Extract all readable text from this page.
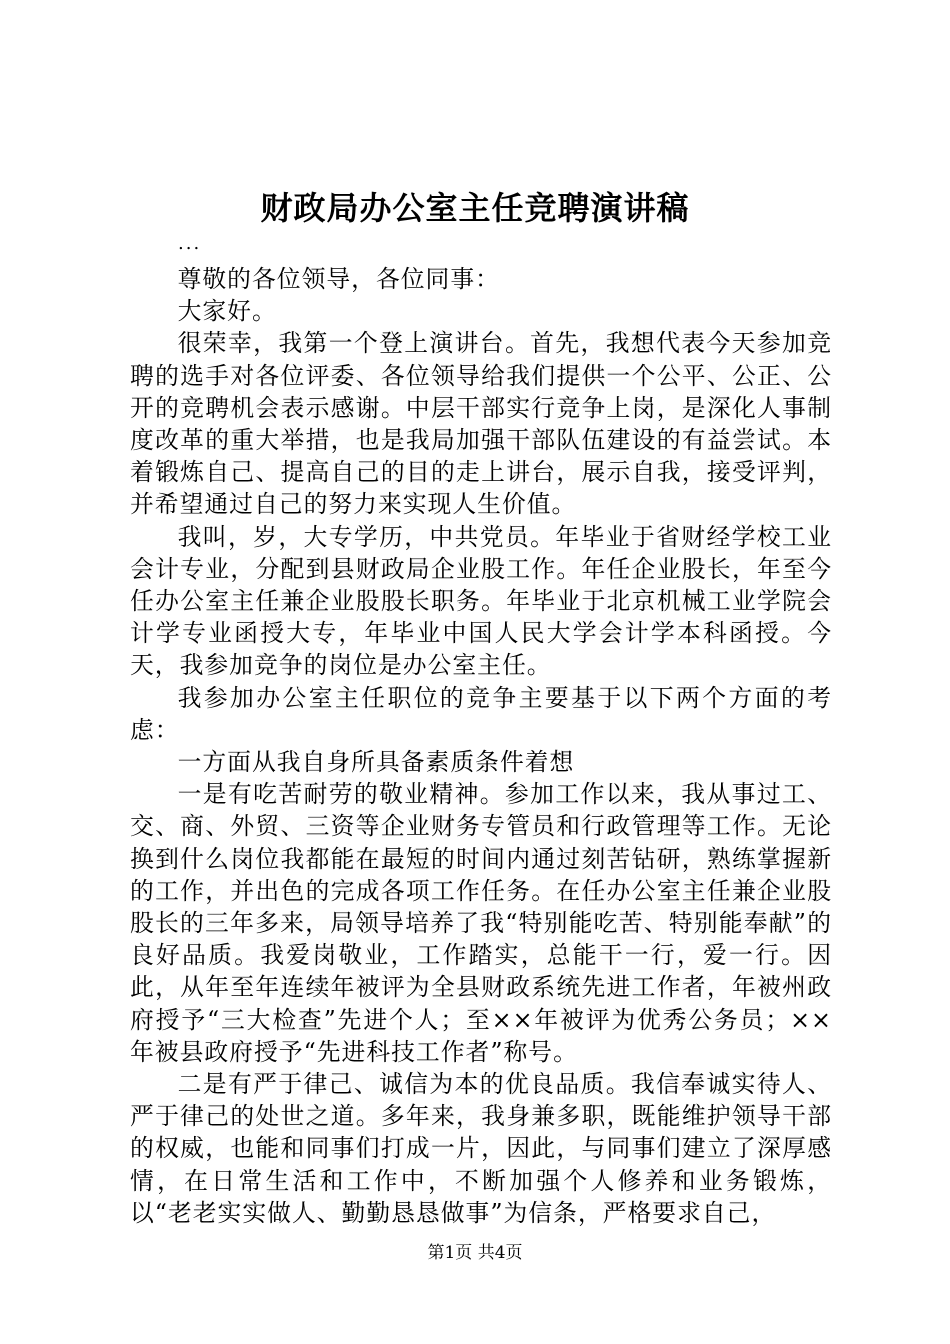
财政局办公室主任竞聘演讲稿
...

尊敬的各位领导，各位同事：

大家好。

很荣幸，我第一个登上演讲台。首先，我想代表今天参加竞聘的选手对各位评委、各位领导给我们提供一个公平、公正、公开的竞聘机会表示感谢。中层干部实行竞争上岗，是深化人事制度改革的重大举措，也是我局加强干部队伍建设的有益尝试。本着锻炼自己、提高自己的目的走上讲台，展示自我，接受评判，并希望通过自己的努力来实现人生价值。

我叫，岁，大专学历，中共党员。年毕业于省财经学校工业会计专业，分配到县财政局企业股工作。年任企业股长，年至今任办公室主任兼企业股股长职务。年毕业于北京机械工业学院会计学专业函授大专，年毕业中国人民大学会计学本科函授。今天，我参加竞争的岗位是办公室主任。

我参加办公室主任职位的竞争主要基于以下两个方面的考虑：

一方面从我自身所具备素质条件着想

一是有吃苦耐劳的敬业精神。参加工作以来，我从事过工、交、商、外贸、三资等企业财务专管员和行政管理等工作。无论换到什么岗位我都能在最短的时间内通过刻苦钻研，熟练掌握新的工作，并出色的完成各项工作任务。在任办公室主任兼企业股股长的三年多来，局领导培养了我“特别能吃苦、特别能奉献”的良好品质。我爱岗敬业，工作踏实，总能干一行，爱一行。因此，从年至年连续年被评为全县财政系统先进工作者，年被州政府授予“三大检查”先进个人；至××年被评为优秀公务员；××年被县政府授予“先进科技工作者”称号。

二是有严于律己、诚信为本的优良品质。我信奉诚实待人、严于律己的处世之道。多年来，我身兼多职，既能维护领导干部的权威，也能和同事们打成一片，因此，与同事们建立了深厚感情，在日常生活和工作中，不断加强个人修养和业务锻炼，以“老老实实做人、勤勤恳恳做事”为信条，严格要求自己，

第1页 共4页
